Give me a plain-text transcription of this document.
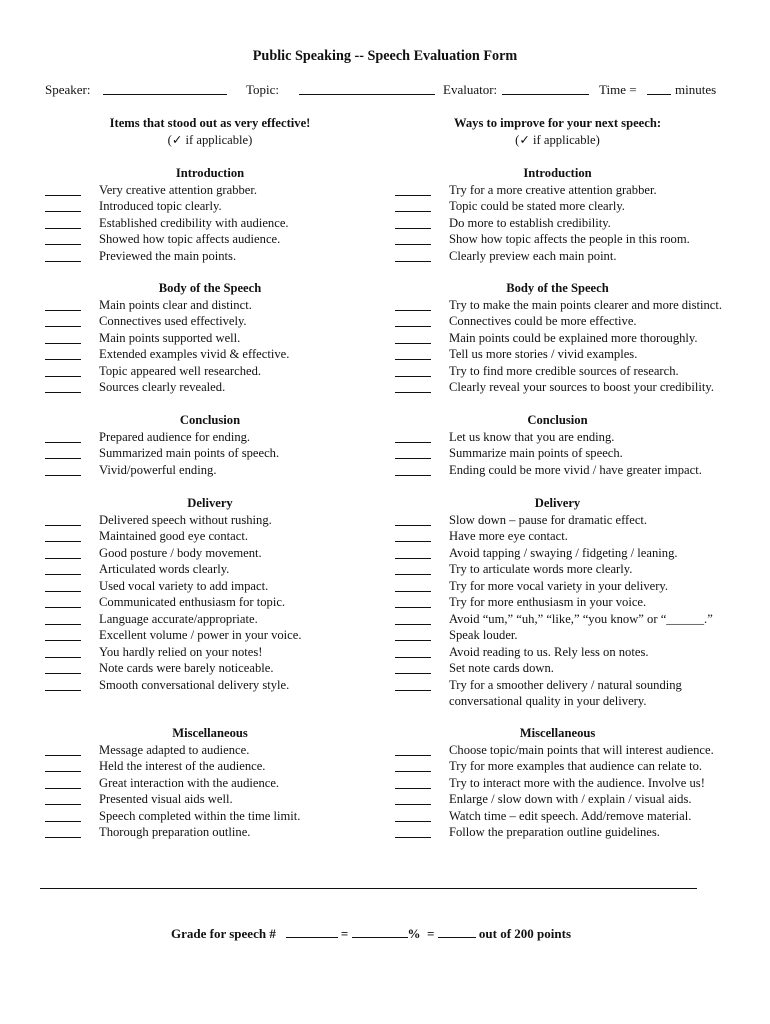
Public Speaking -- Speech Evaluation Form
Speaker:	Topic:	Evaluator:	Time =	minutes
Items that stood out as very effective!
(✓ if applicable)
Ways to improve for your next speech:
(✓ if applicable)
Introduction
Very creative attention grabber.
Introduced topic clearly.
Established credibility with audience.
Showed how topic affects audience.
Previewed the main points.
Body of the Speech
Main points clear and distinct.
Connectives used effectively.
Main points supported well.
Extended examples vivid & effective.
Topic appeared well researched.
Sources clearly revealed.
Conclusion
Prepared audience for ending.
Summarized main points of speech.
Vivid/powerful ending.
Delivery
Delivered speech without rushing.
Maintained good eye contact.
Good posture / body movement.
Articulated words clearly.
Used vocal variety to add impact.
Communicated enthusiasm for topic.
Language accurate/appropriate.
Excellent volume / power in your voice.
You hardly relied on your notes!
Note cards were barely noticeable.
Smooth conversational delivery style.
Miscellaneous
Message adapted to audience.
Held the interest of the audience.
Great interaction with the audience.
Presented visual aids well.
Speech completed within the time limit.
Thorough preparation outline.
Introduction
Try for a more creative attention grabber.
Topic could be stated more clearly.
Do more to establish credibility.
Show how topic affects the people in this room.
Clearly preview each main point.
Body of the Speech
Try to make the main points clearer and more distinct.
Connectives could be more effective.
Main points could be explained more thoroughly.
Tell us more stories / vivid examples.
Try to find more credible sources of research.
Clearly reveal your sources to boost your credibility.
Conclusion
Let us know that you are ending.
Summarize main points of speech.
Ending could be more vivid / have greater impact.
Delivery
Slow down – pause for dramatic effect.
Have more eye contact.
Avoid tapping / swaying / fidgeting / leaning.
Try to articulate words more clearly.
Try for more vocal variety in your delivery.
Try for more enthusiasm in your voice.
Avoid “um,” “uh,” “like,” “you know” or “______.”
Speak louder.
Avoid reading to us. Rely less on notes.
Set note cards down.
Try for a smoother delivery / natural sounding
conversational quality in your delivery.
Miscellaneous
Choose topic/main points that will interest audience.
Try for more examples that audience can relate to.
Try to interact more with the audience. Involve us!
Enlarge / slow down with / explain / visual aids.
Watch time – edit speech. Add/remove material.
Follow the preparation outline guidelines.
Grade for speech #	=	% =	out of 200 points
